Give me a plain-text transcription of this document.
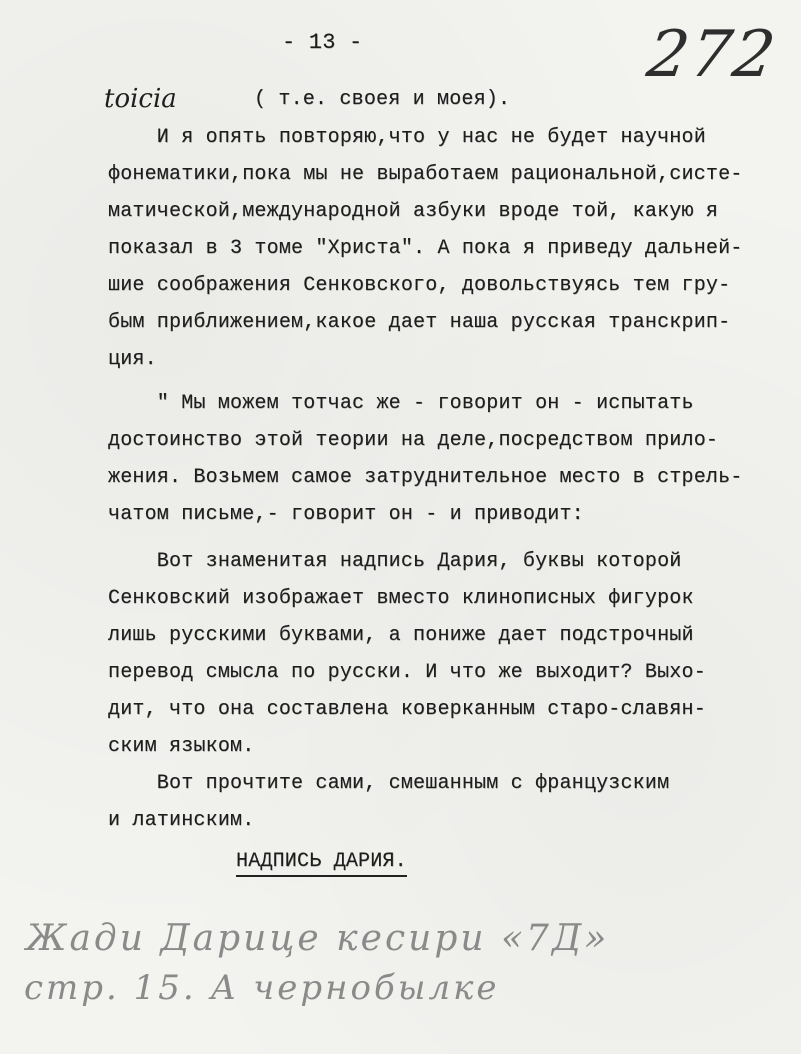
- 13 -	272
toicia	( т.е. своея и моея).
И я опять повторяю,что у нас не будет научной
фонематики,пока мы не выработаем рациональной,систе-
матической,международной азбуки вроде той, какую я
показал в 3 томе "Христа". А пока я приведу дальней-
шие соображения Сенковского, довольствуясь тем гру-
бым приближением,какое дает наша русская транскрип-
ция.
" Мы можем тотчас же - говорит он - испытать
достоинство этой теории на деле,посредством прило-
жения. Возьмем самое затруднительное место в стрель-
чатом письме,- говорит он - и приводит:
Вот знаменитая надпись Дария, буквы которой
Сенковский изображает вместо клинописных фигурок
лишь русскими буквами, а пониже дает подстрочный
перевод смысла по русски. И что же выходит? Выхо-
дит, что она составлена коверканным старо-славян-
ским языком.
Вот прочтите сами, смешанным с французским
и латинским.
НАДПИСЬ ДАРИЯ.
Жади Дарице кесири «7Д»
стр. 15. А чернобылке
